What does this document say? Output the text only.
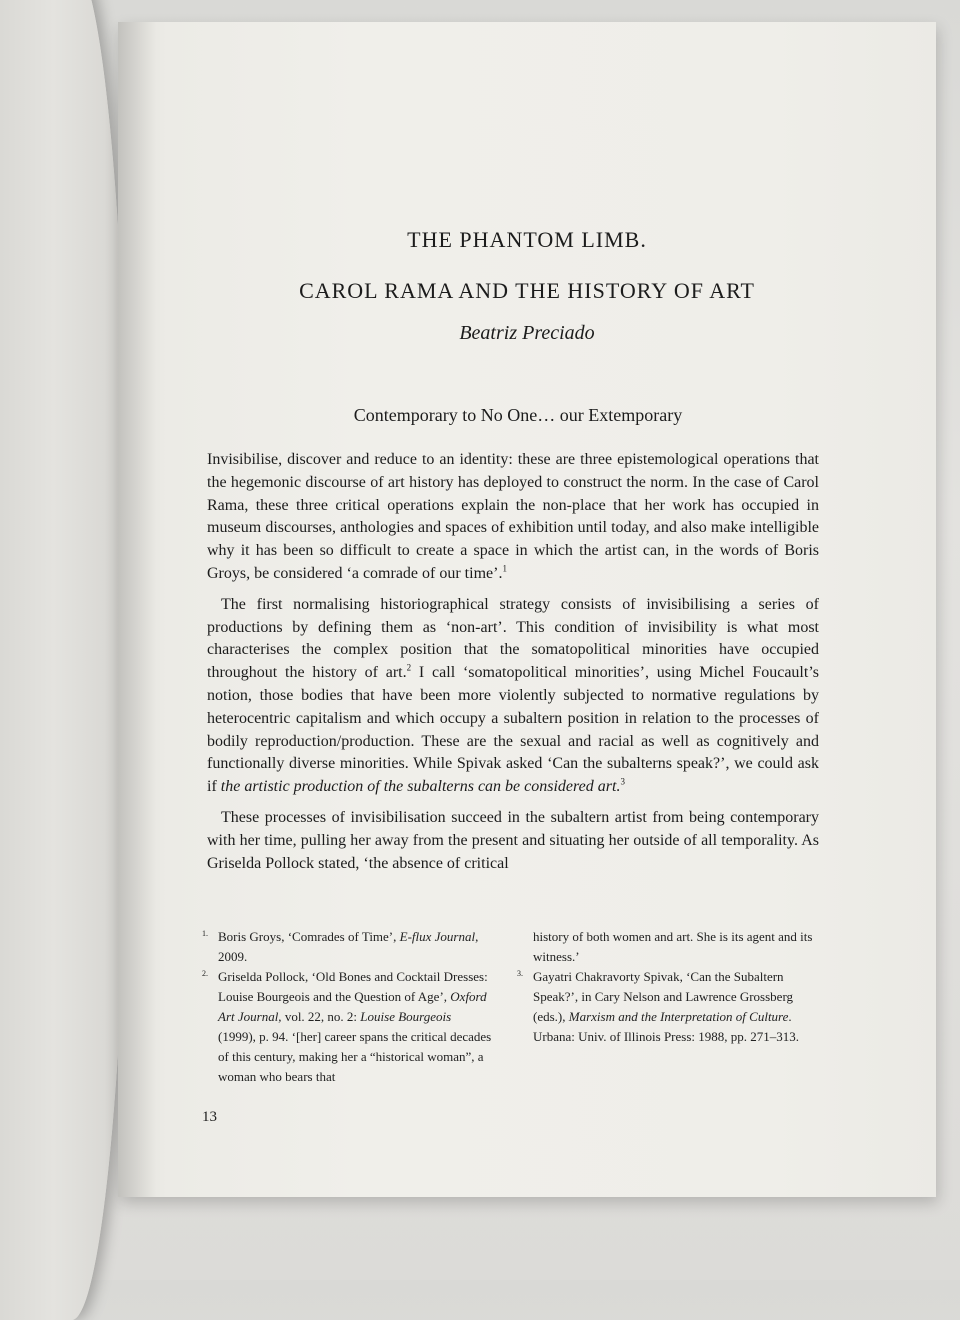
THE PHANTOM LIMB.
CAROL RAMA AND THE HISTORY OF ART
Beatriz Preciado
Contemporary to No One… our Extemporary

Invisibilise, discover and reduce to an identity: these are three epistemological operations that the hegemonic discourse of art history has deployed to construct the norm. In the case of Carol Rama, these three critical operations explain the non-place that her work has occupied in museum discourses, anthologies and spaces of exhibition until today, and also make intelligible why it has been so difficult to create a space in which the artist can, in the words of Boris Groys, be considered ‘a comrade of our time’.$^1$

The first normalising historiographical strategy consists of invisibilising a series of productions by defining them as ‘non-art’. This condition of invisibility is what most characterises the complex position that the somatopolitical minorities have occupied throughout the history of art.$^2$ I call ‘somatopolitical minorities’, using Michel Foucault’s notion, those bodies that have been more violently subjected to normative regulations by heterocentric capitalism and which occupy a subaltern position in relation to the processes of bodily reproduction/production. These are the sexual and racial as well as cognitively and functionally diverse minorities. While Spivak asked ‘Can the subalterns speak?’, we could ask if the artistic production of the subalterns can be considered art.$^3$

These processes of invisibilisation succeed in the subaltern artist from being contemporary with her time, pulling her away from the present and situating her outside of all temporality. As Griselda Pollock stated, ‘the absence of critical

1. Boris Groys, ‘Comrades of Time’, E-flux Journal, 2009.

2. Griselda Pollock, ‘Old Bones and Cocktail Dresses: Louise Bourgeois and the Question of Age’, Oxford Art Journal, vol. 22, no. 2: Louise Bourgeois (1999), p. 94. ‘[her] career spans the critical decades of this century, making her a “historical woman”, a woman who bears that

history of both women and art. She is its agent and its witness.’

3. Gayatri Chakravorty Spivak, ‘Can the Subaltern Speak?’, in Cary Nelson and Lawrence Grossberg (eds.), Marxism and the Interpretation of Culture. Urbana: Univ. of Illinois Press: 1988, pp. 271–313.

13
